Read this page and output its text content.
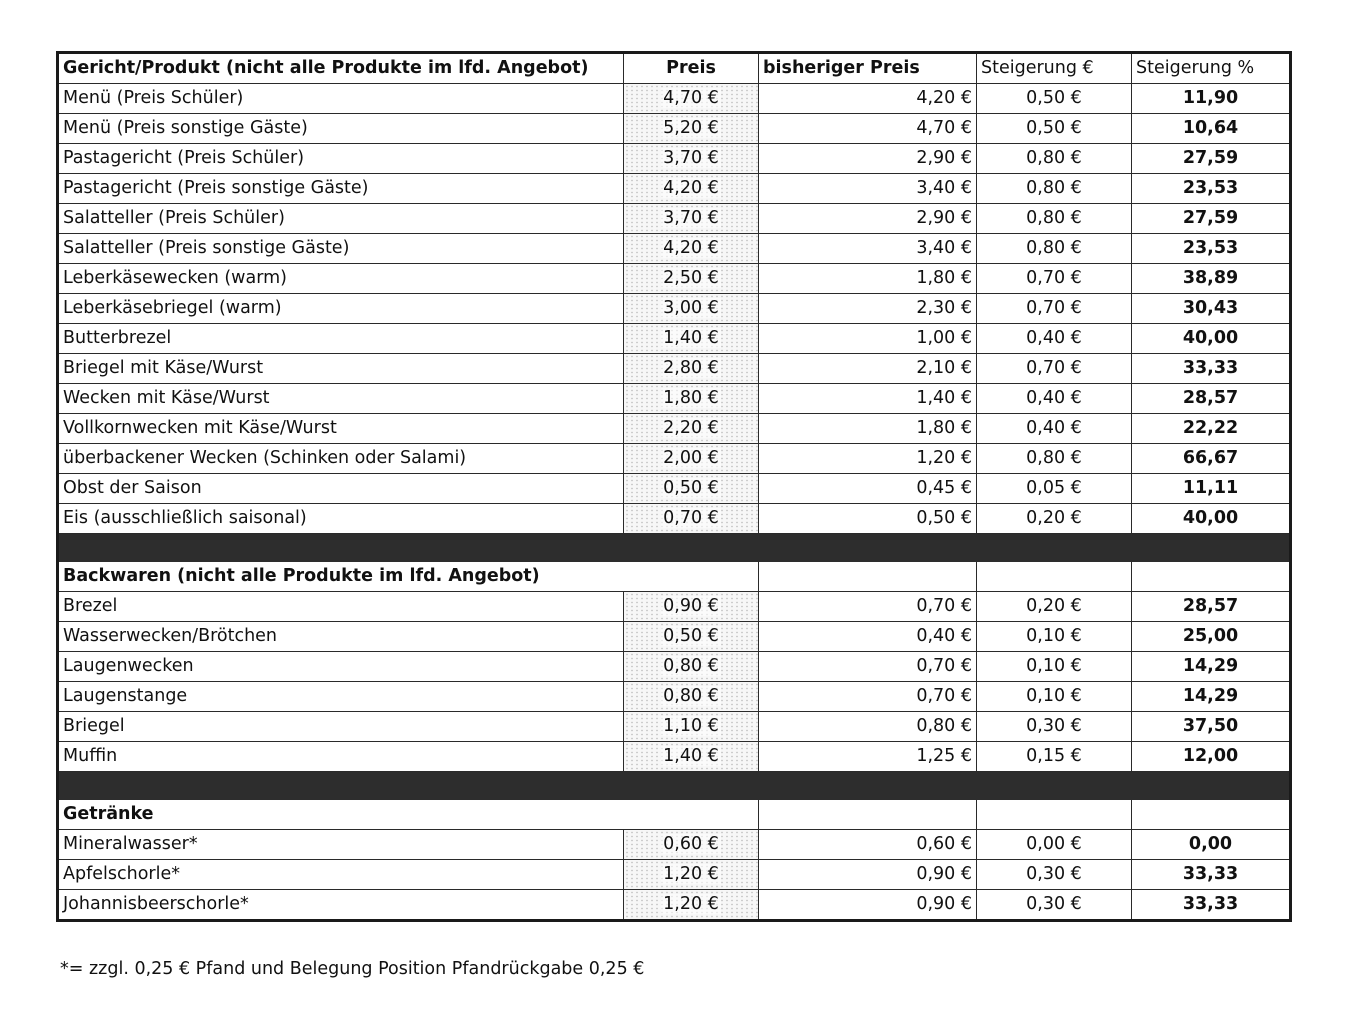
Gericht/Produkt (nicht alle Produkte im lfd. Angebot)	Preis	bisheriger Preis	Steigerung €	Steigerung %
Menü (Preis Schüler)	4,70 €	4,20 €	0,50 €	11,90
Menü (Preis sonstige Gäste)	5,20 €	4,70 €	0,50 €	10,64
Pastagericht (Preis Schüler)	3,70 €	2,90 €	0,80 €	27,59
Pastagericht (Preis sonstige Gäste)	4,20 €	3,40 €	0,80 €	23,53
Salatteller (Preis Schüler)	3,70 €	2,90 €	0,80 €	27,59
Salatteller (Preis sonstige Gäste)	4,20 €	3,40 €	0,80 €	23,53
Leberkäsewecken (warm)	2,50 €	1,80 €	0,70 €	38,89
Leberkäsebriegel (warm)	3,00 €	2,30 €	0,70 €	30,43
Butterbrezel	1,40 €	1,00 €	0,40 €	40,00
Briegel mit Käse/Wurst	2,80 €	2,10 €	0,70 €	33,33
Wecken mit Käse/Wurst	1,80 €	1,40 €	0,40 €	28,57
Vollkornwecken mit Käse/Wurst	2,20 €	1,80 €	0,40 €	22,22
überbackener Wecken (Schinken oder Salami)	2,00 €	1,20 €	0,80 €	66,67
Obst der Saison	0,50 €	0,45 €	0,05 €	11,11
Eis (ausschließlich saisonal)	0,70 €	0,50 €	0,20 €	40,00

Backwaren (nicht alle Produkte im lfd. Angebot)				
Brezel	0,90 €	0,70 €	0,20 €	28,57
Wasserwecken/Brötchen	0,50 €	0,40 €	0,10 €	25,00
Laugenwecken	0,80 €	0,70 €	0,10 €	14,29
Laugenstange	0,80 €	0,70 €	0,10 €	14,29
Briegel	1,10 €	0,80 €	0,30 €	37,50
Muffin	1,40 €	1,25 €	0,15 €	12,00

Getränke				
Mineralwasser*	0,60 €	0,60 €	0,00 €	0,00
Apfelschorle*	1,20 €	0,90 €	0,30 €	33,33
Johannisbeerschorle*	1,20 €	0,90 €	0,30 €	33,33
*= zzgl. 0,25 € Pfand und Belegung Position Pfandrückgabe 0,25 €
